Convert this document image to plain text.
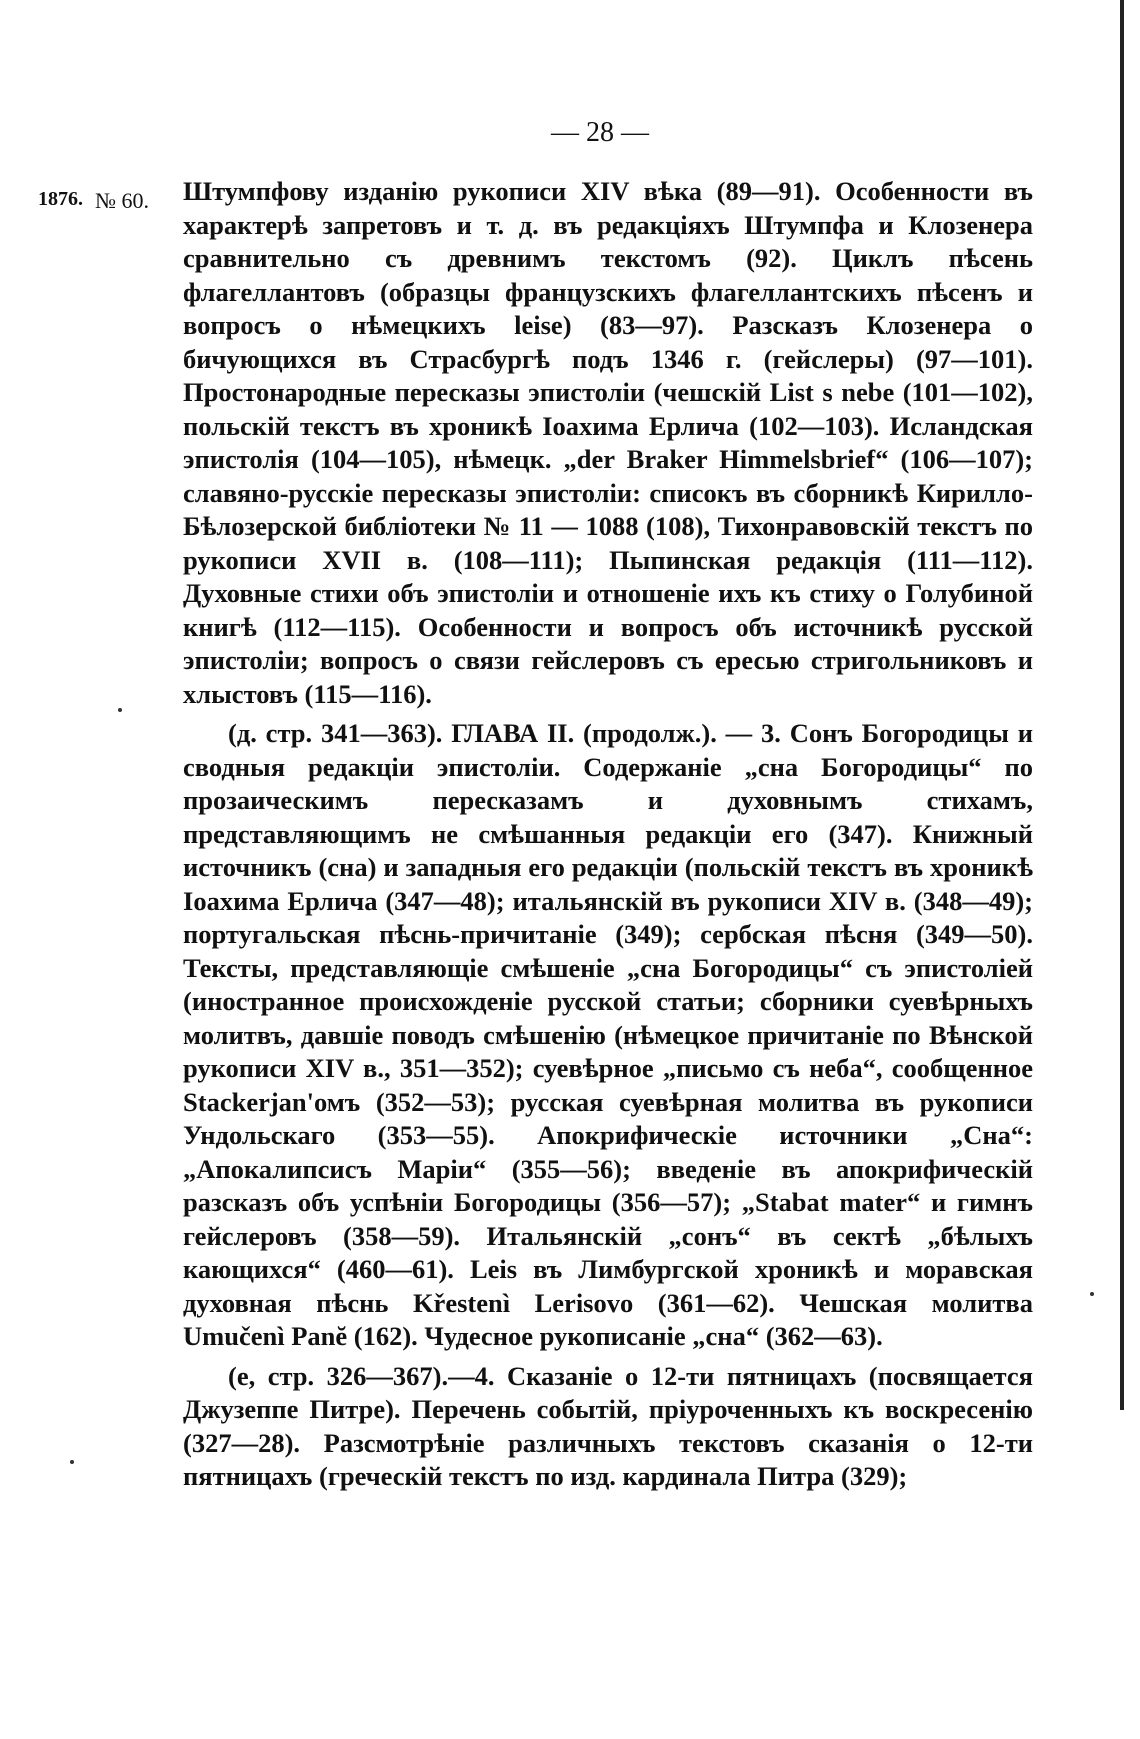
— 28 —
1876. № 60. Штумпфову изданію рукописи XIV вѣка (89—91). Особенности въ характерѣ запретовъ и т. д. въ редакціяхъ Штумпфа и Клозенера сравнительно съ древнимъ текстомъ (92). Циклъ пѣсень флагеллантовъ (образцы французскихъ флагеллантскихъ пѣсенъ и вопросъ о нѣмецкихъ leise) (83—97). Разсказъ Клозенера о бичующихся въ Страсбургѣ подъ 1346 г. (гейслеры) (97—101). Простонародные пересказы эпистоліи (чешскій List s nebe (101—102), польскій текстъ въ хроникѣ Іоахима Ерлича (102—103). Исландская эпистолія (104—105), нѣмецк. „der Braker Himmelsbrief“ (106—107); славяно-русскіе пересказы эпистоліи: списокъ въ сборникѣ Кирилло-Бѣлозерской библіотеки № 11 — 1088 (108), Тихонравовскій текстъ по рукописи XVII в. (108—111); Пыпинская редакція (111—112). Духовные стихи объ эпистоліи и отношеніе ихъ къ стиху о Голубиной книгѣ (112—115). Особенности и вопросъ объ источникѣ русской эпистоліи; вопросъ о связи гейслеровъ съ ересью стригольниковъ и хлыстовъ (115—116).

(д. стр. 341—363). ГЛАВА II. (продолж.). — 3. Сонъ Богородицы и сводныя редакціи эпистоліи. Содержаніе „сна Богородицы“ по прозаическимъ пересказамъ и духовнымъ стихамъ, представляющимъ не смѣшанныя редакціи его (347). Книжный источникъ (сна) и западныя его редакціи (польскій текстъ въ хроникѣ Іоахима Ерлича (347—48); итальянскій въ рукописи XIV в. (348—49); португальская пѣснь-причитаніе (349); сербская пѣсня (349—50). Тексты, представляющіе смѣшеніе „сна Богородицы“ съ эпистоліей (иностранное происхожденіе русской статьи; сборники суевѣрныхъ молитвъ, давшіе поводъ смѣшенію (нѣмецкое причитаніе по Вѣнской рукописи XIV в., 351—352); суевѣрное „письмо съ неба“, сообщенное Stackerjan'омъ (352—53); русская суевѣрная молитва въ рукописи Ундольскаго (353—55). Апокрифическіе источники „Сна“: „Апокалипсисъ Маріи“ (355—56); введеніе въ апокрифическій разсказъ объ успѣніи Богородицы (356—57); „Stabat mater“ и гимнъ гейслеровъ (358—59). Итальянскій „сонъ“ въ сектѣ „бѣлыхъ кающихся“ (460—61). Leis въ Лимбургской хроникѣ и моравская духовная пѣснь Křestenì Lerisovo (361—62). Чешская молитва Umučenì Panĕ (162). Чудесное рукописаніе „сна“ (362—63).

(е, стр. 326—367).—4. Сказаніе о 12-ти пятницахъ (посвящается Джузеппе Питре). Перечень событій, пріуроченныхъ къ воскресенію (327—28). Разсмотрѣніе различныхъ текстовъ сказанія о 12-ти пятницахъ (греческій текстъ по изд. кардинала Питра (329);
